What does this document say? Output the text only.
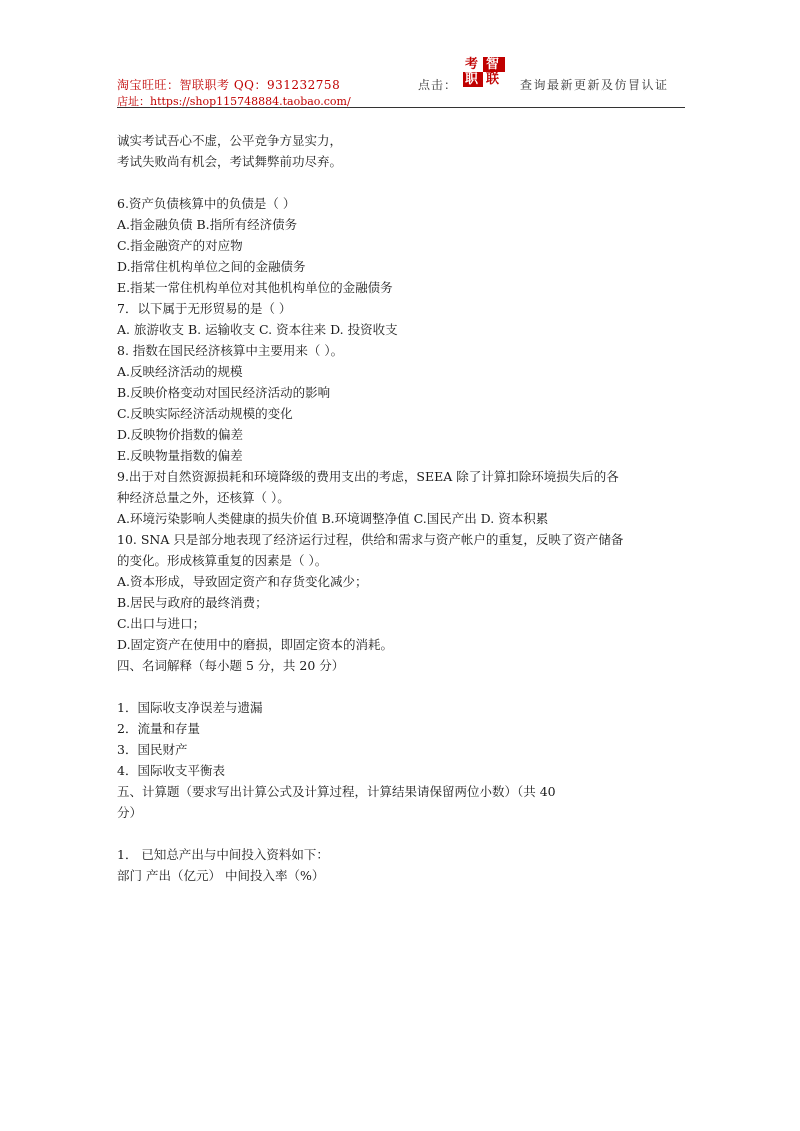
淘宝旺旺：智联职考 QQ：931232758
店址：https://shop115748884.taobao.com/
点击：
考 智
职 联 查询最新更新及仿冒认证
诚实考试吾心不虚，公平竞争方显实力，
考试失败尚有机会，考试舞弊前功尽弃。
6.资产负债核算中的负债是（ ）
A.指金融负债 B.指所有经济债务
C.指金融资产的对应物
D.指常住机构单位之间的金融债务
E.指某一常住机构单位对其他机构单位的金融债务
7．以下属于无形贸易的是（ ）
A. 旅游收支 B. 运输收支 C. 资本往来 D. 投资收支
8. 指数在国民经济核算中主要用来（ ）。
A.反映经济活动的规模
B.反映价格变动对国民经济活动的影响
C.反映实际经济活动规模的变化
D.反映物价指数的偏差
E.反映物量指数的偏差
9.出于对自然资源损耗和环境降级的费用支出的考虑，SEEA 除了计算扣除环境损失后的各
种经济总量之外，还核算（ ）。
A.环境污染影响人类健康的损失价值 B.环境调整净值 C.国民产出 D. 资本积累
10. SNA 只是部分地表现了经济运行过程，供给和需求与资产帐户的重复，反映了资产储备
的变化。形成核算重复的因素是（ ）。
A.资本形成，导致固定资产和存货变化减少；
B.居民与政府的最终消费；
C.出口与进口；
D.固定资产在使用中的磨损，即固定资本的消耗。
四、名词解释（每小题 5 分，共 20 分）
1．国际收支净误差与遗漏
2．流量和存量
3．国民财产
4．国际收支平衡表
五、计算题（要求写出计算公式及计算过程，计算结果请保留两位小数）（共 40
分）
1． 已知总产出与中间投入资料如下：
部门 产出（亿元） 中间投入率（%）
